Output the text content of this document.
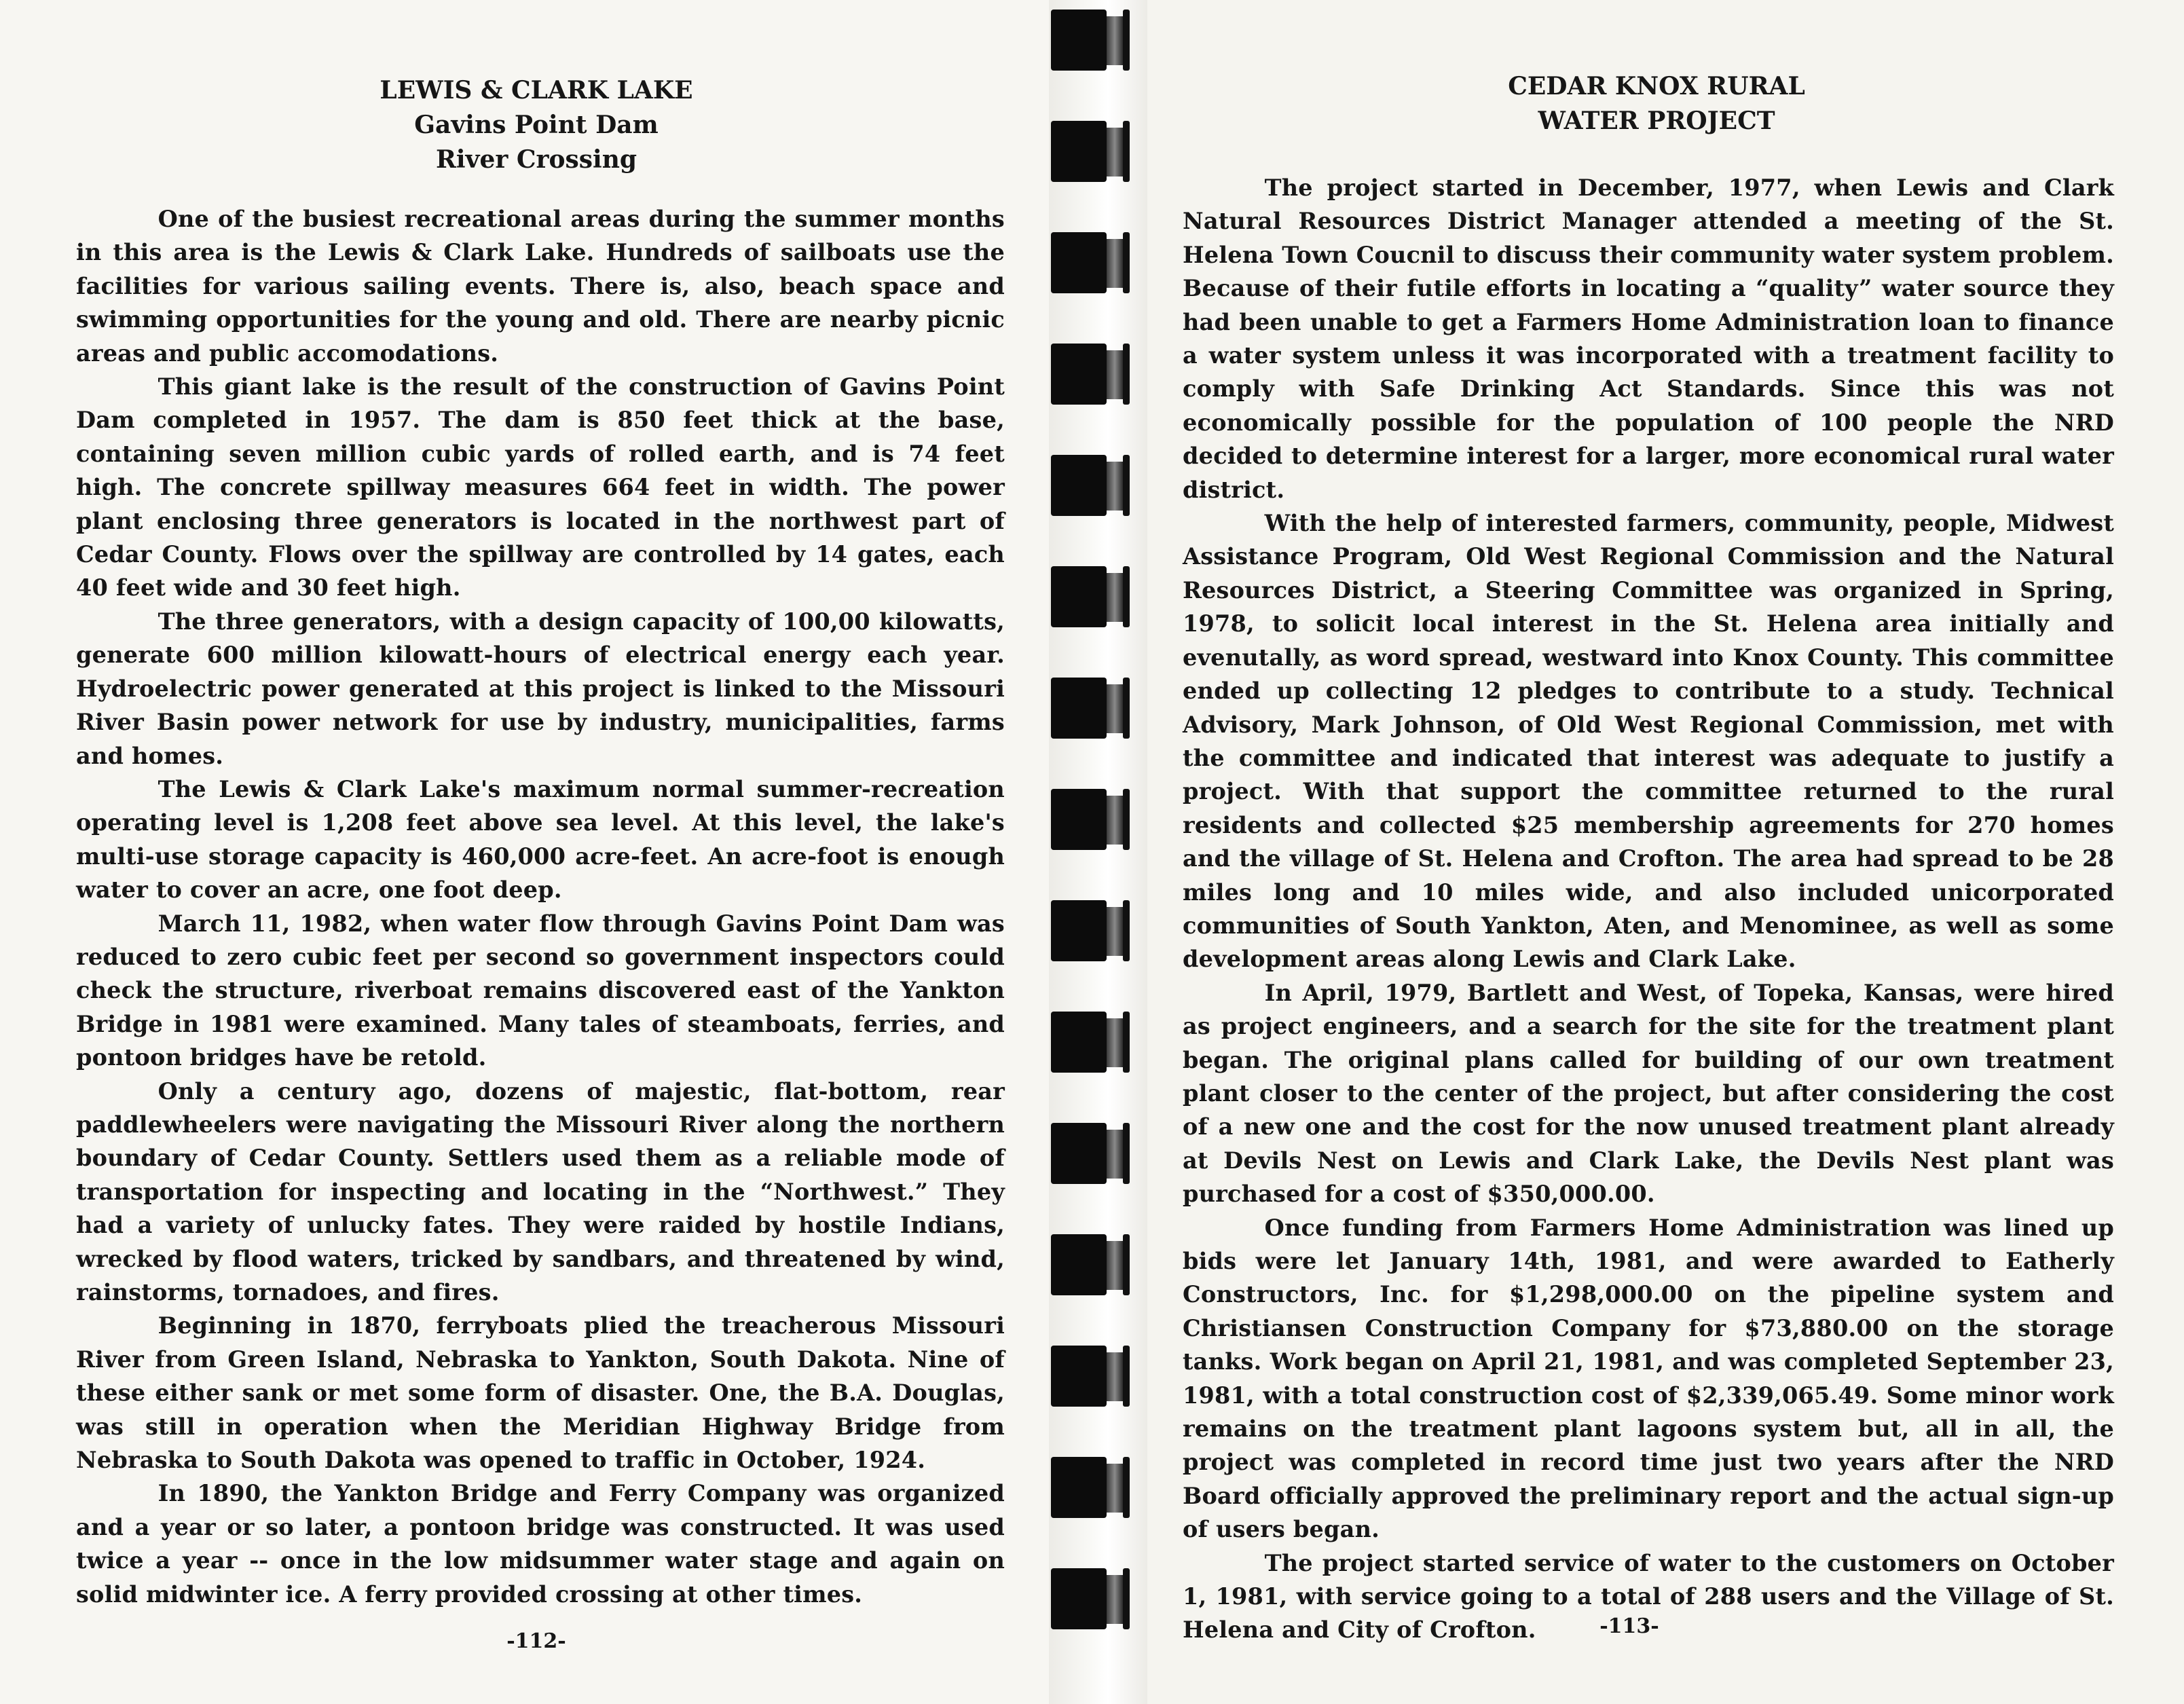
LEWIS & CLARK LAKE
Gavins Point Dam
River Crossing

One of the busiest recreational areas during the summer months in this area is the Lewis & Clark Lake. Hundreds of sailboats use the facilities for various sailing events. There is, also, beach space and swimming opportunities for the young and old. There are nearby picnic areas and public accomodations.

This giant lake is the result of the construction of Gavins Point Dam completed in 1957. The dam is 850 feet thick at the base, containing seven million cubic yards of rolled earth, and is 74 feet high. The concrete spillway measures 664 feet in width. The power plant enclosing three generators is located in the northwest part of Cedar County. Flows over the spillway are controlled by 14 gates, each 40 feet wide and 30 feet high.

The three generators, with a design capacity of 100,00 kilowatts, generate 600 million kilowatt-hours of electrical energy each year. Hydroelectric power generated at this project is linked to the Missouri River Basin power network for use by industry, municipalities, farms and homes.

The Lewis & Clark Lake's maximum normal summer-recreation operating level is 1,208 feet above sea level. At this level, the lake's multi-use storage capacity is 460,000 acre-feet. An acre-foot is enough water to cover an acre, one foot deep.

March 11, 1982, when water flow through Gavins Point Dam was reduced to zero cubic feet per second so government inspectors could check the structure, riverboat remains discovered east of the Yankton Bridge in 1981 were examined. Many tales of steamboats, ferries, and pontoon bridges have be retold.

Only a century ago, dozens of majestic, flat-bottom, rear paddlewheelers were navigating the Missouri River along the northern boundary of Cedar County. Settlers used them as a reliable mode of transportation for inspecting and locating in the “Northwest.” They had a variety of unlucky fates. They were raided by hostile Indians, wrecked by flood waters, tricked by sandbars, and threatened by wind, rainstorms, tornadoes, and fires.

Beginning in 1870, ferryboats plied the treacherous Missouri River from Green Island, Nebraska to Yankton, South Dakota. Nine of these either sank or met some form of disaster. One, the B.A. Douglas, was still in operation when the Meridian Highway Bridge from Nebraska to South Dakota was opened to traffic in October, 1924.

In 1890, the Yankton Bridge and Ferry Company was organized and a year or so later, a pontoon bridge was constructed. It was used twice a year -- once in the low midsummer water stage and again on solid midwinter ice. A ferry provided crossing at other times.

-112-
CEDAR KNOX RURAL
WATER PROJECT

The project started in December, 1977, when Lewis and Clark Natural Resources District Manager attended a meeting of the St. Helena Town Coucnil to discuss their community water system problem. Because of their futile efforts in locating a “quality” water source they had been unable to get a Farmers Home Administration loan to finance a water system unless it was incorporated with a treatment facility to comply with Safe Drinking Act Standards. Since this was not economically possible for the population of 100 people the NRD decided to determine interest for a larger, more economical rural water district.

With the help of interested farmers, community, people, Midwest Assistance Program, Old West Regional Commission and the Natural Resources District, a Steering Committee was organized in Spring, 1978, to solicit local interest in the St. Helena area initially and evenutally, as word spread, westward into Knox County. This committee ended up collecting 12 pledges to contribute to a study. Technical Advisory, Mark Johnson, of Old West Regional Commission, met with the committee and indicated that interest was adequate to justify a project. With that support the committee returned to the rural residents and collected $25 membership agreements for 270 homes and the village of St. Helena and Crofton. The area had spread to be 28 miles long and 10 miles wide, and also included unicorporated communities of South Yankton, Aten, and Menominee, as well as some development areas along Lewis and Clark Lake.

In April, 1979, Bartlett and West, of Topeka, Kansas, were hired as project engineers, and a search for the site for the treatment plant began. The original plans called for building of our own treatment plant closer to the center of the project, but after considering the cost of a new one and the cost for the now unused treatment plant already at Devils Nest on Lewis and Clark Lake, the Devils Nest plant was purchased for a cost of $350,000.00.

Once funding from Farmers Home Administration was lined up bids were let January 14th, 1981, and were awarded to Eatherly Constructors, Inc. for $1,298,000.00 on the pipeline system and Christiansen Construction Company for $73,880.00 on the storage tanks. Work began on April 21, 1981, and was completed September 23, 1981, with a total construction cost of $2,339,065.49. Some minor work remains on the treatment plant lagoons system but, all in all, the project was completed in record time just two years after the NRD Board officially approved the preliminary report and the actual sign-up of users began.

The project started service of water to the customers on October 1, 1981, with service going to a total of 288 users and the Village of St. Helena and City of Crofton.	-113-
